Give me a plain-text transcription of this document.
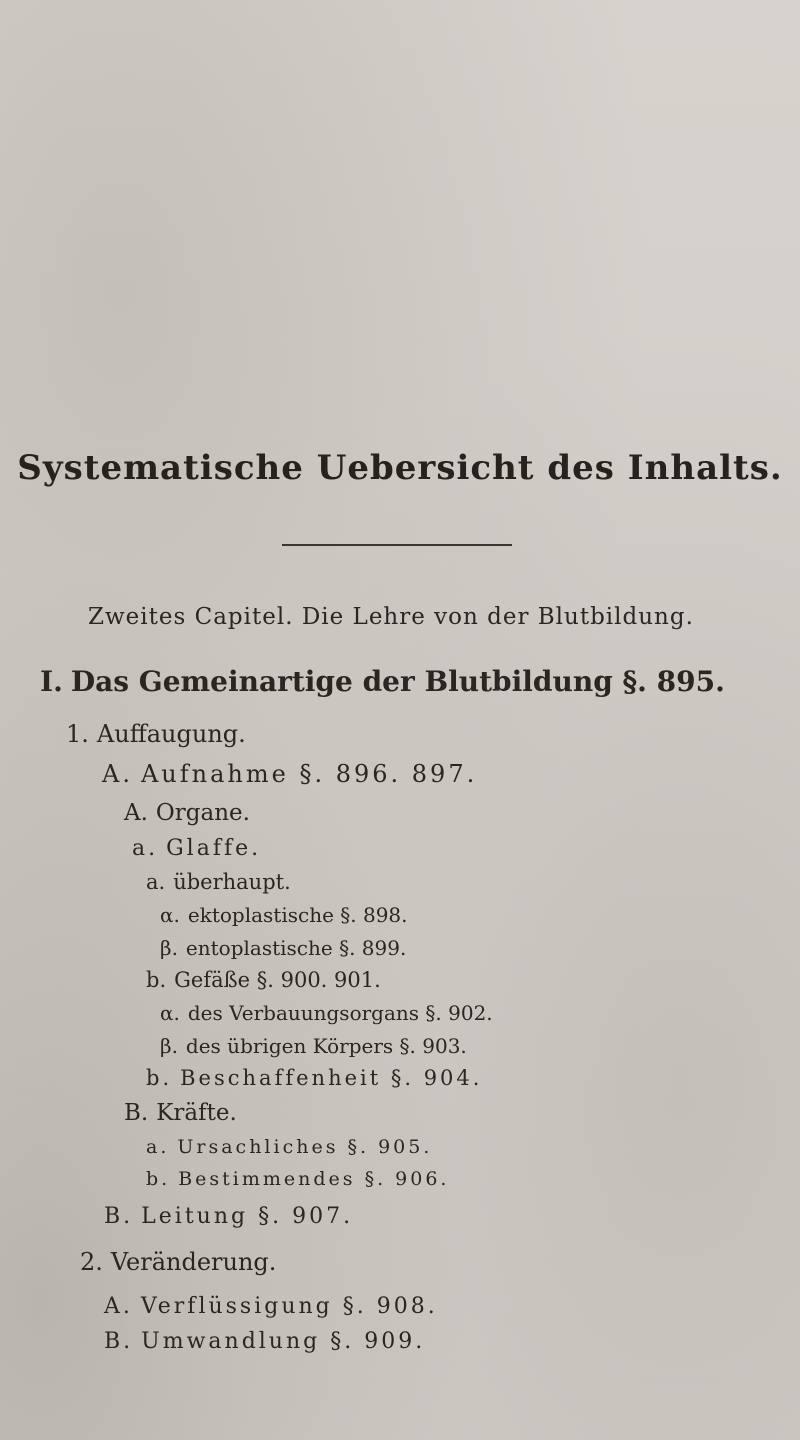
Systematische Uebersicht des Inhalts.
Zweites Capitel. Die Lehre von der Blutbildung.
I. Das Gemeinartige der Blutbildung §. 895.
1. Auffaugung.
A. Aufnahme §. 896. 897.
A. Organe.
a. Glaffe.
a. überhaupt.
α. ektoplastische §. 898.
β. entoplastische §. 899.
b. Gefäße §. 900. 901.
α. des Verbauungsorgans §. 902.
β. des übrigen Körpers §. 903.
b. Beschaffenheit §. 904.
B. Kräfte.
a. Ursachliches §. 905.
b. Bestimmendes §. 906.
B. Leitung §. 907.
2. Veränderung.
A. Verflüssigung §. 908.
B. Umwandlung §. 909.
